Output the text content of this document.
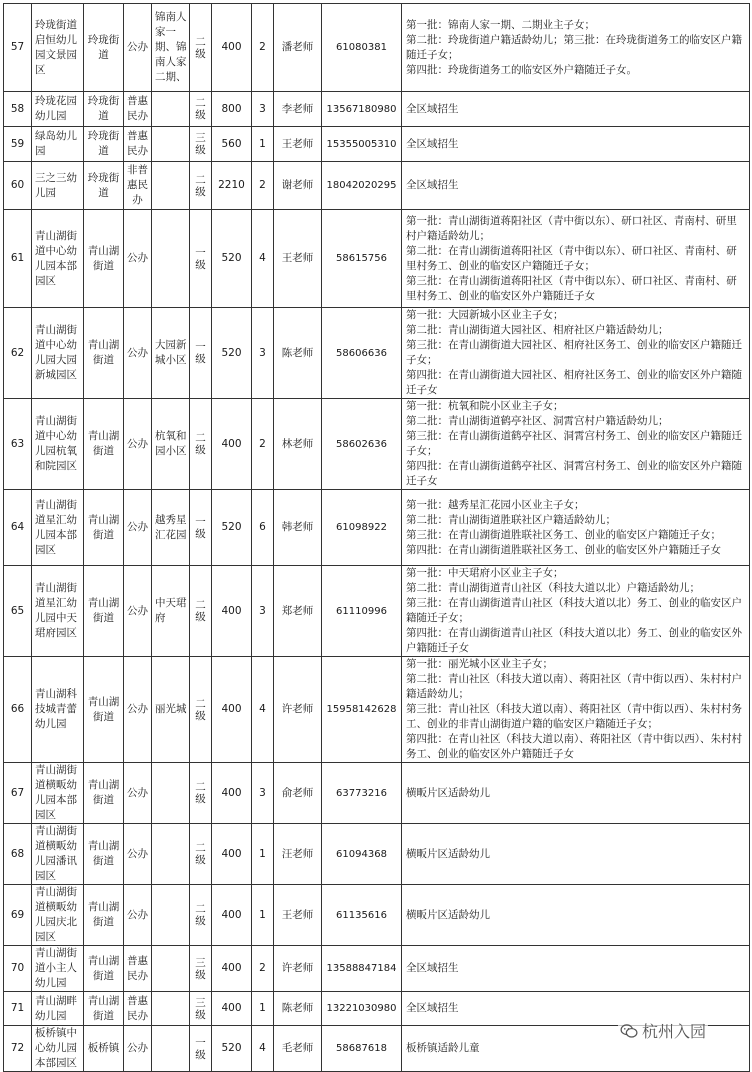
57	玲珑街道启恒幼儿园文景园区	玲珑街道	公办	锦南人家一期、锦南人家二期、	二级	400	2	潘老师	61080381	第一批：锦南人家一期、二期业主子女；
第二批：玲珑街道户籍适龄幼儿；第三批：在玲珑街道务工的临安区户籍随迁子女；
第四批：玲珑街道务工的临安区外户籍随迁子女。

58	玲珑花园幼儿园	玲珑街道	普惠民办		二级	800	3	李老师	13567180980	全区域招生

59	绿岛幼儿园	玲珑街道	普惠民办		三级	560	1	王老师	15355005310	全区域招生

60	三之三幼儿园	玲珑街道	非普惠民办		二级	2210	2	谢老师	18042020295	全区域招生

61	青山湖街道中心幼儿园本部园区	青山湖街道	公办		一级	520	4	王老师	58615756	第一批：青山湖街道蒋阳社区（青中街以东）、研口社区、青南村、研里村户籍适龄幼儿；
第二批：在青山湖街道蒋阳社区（青中街以东）、研口社区、青南村、研里村务工、创业的临安区户籍随迁子女；
第三批：在青山湖街道蒋阳社区（青中街以东）、研口社区、青南村、研里村务工、创业的临安区外户籍随迁子女

62	青山湖街道中心幼儿园大园新城园区	青山湖街道	公办	大园新城小区	一级	520	3	陈老师	58606636	第一批：大园新城小区业主子女；
第二批：青山湖街道大园社区、相府社区户籍适龄幼儿；
第三批：在青山湖街道大园社区、相府社区务工、创业的临安区户籍随迁子女；
第四批：在青山湖街道大园社区、相府社区务工、创业的临安区外户籍随迁子女

63	青山湖街道中心幼儿园杭氧和院园区	青山湖街道	公办	杭氧和园小区	二级	400	2	林老师	58602636	第一批：杭氧和院小区业主子女；
第二批：青山湖街道鹤亭社区、洞霄宫村户籍适龄幼儿；
第三批：在青山湖街道鹤亭社区、洞霄宫村务工、创业的临安区户籍随迁子女；
第四批：在青山湖街道鹤亭社区、洞霄宫村务工、创业的临安区外户籍随迁子女

64	青山湖街道星汇幼儿园本部园区	青山湖街道	公办	越秀星汇花园	一级	520	6	韩老师	61098922	第一批：越秀星汇花园小区业主子女；
第二批：青山湖街道胜联社区户籍适龄幼儿；
第三批：在青山湖街道胜联社区务工、创业的临安区户籍随迁子女；
第四批：在青山湖街道胜联社区务工、创业的临安区外户籍随迁子女

65	青山湖街道星汇幼儿园中天珺府园区	青山湖街道	公办	中天珺府	二级	400	3	郑老师	61110996	第一批：中天珺府小区业主子女；
第二批：青山湖街道青山社区（科技大道以北）户籍适龄幼儿；
第三批：在青山湖街道青山社区（科技大道以北）务工、创业的临安区户籍随迁子女；
第四批：在青山湖街道青山社区（科技大道以北）务工、创业的临安区外户籍随迁子女

66	青山湖科技城青蕾幼儿园	青山湖街道	公办	丽光城	二级	400	4	许老师	15958142628	第一批：丽光城小区业主子女；
第二批：青山社区（科技大道以南）、蒋阳社区（青中街以西）、朱村村户籍适龄幼儿；
第三批：青山社区（科技大道以南）、蒋阳社区（青中街以西）、朱村村务工、创业的非青山湖街道户籍的临安区户籍随迁子女；
第四批：在青山社区（科技大道以南）、蒋阳社区（青中街以西）、朱村村务工、创业的临安区外户籍随迁子女

67	青山湖街道横畈幼儿园本部园区	青山湖街道	公办		二级	400	3	俞老师	63773216	横畈片区适龄幼儿

68	青山湖街道横畈幼儿园潘讯园区	青山湖街道	公办		二级	400	1	汪老师	61094368	横畈片区适龄幼儿

69	青山湖街道横畈幼儿园庆北园区	青山湖街道	公办		二级	400	1	王老师	61135616	横畈片区适龄幼儿

70	青山湖街道小主人幼儿园	青山湖街道	普惠民办		三级	400	2	许老师	13588847184	全区域招生

71	青山湖畔幼儿园	青山湖街道	普惠民办		三级	400	1	陈老师	13221030980	全区域招生

72	板桥镇中心幼儿园本部园区	板桥镇	公办		一级	520	4	毛老师	58687618	板桥镇适龄儿童
杭州入园
